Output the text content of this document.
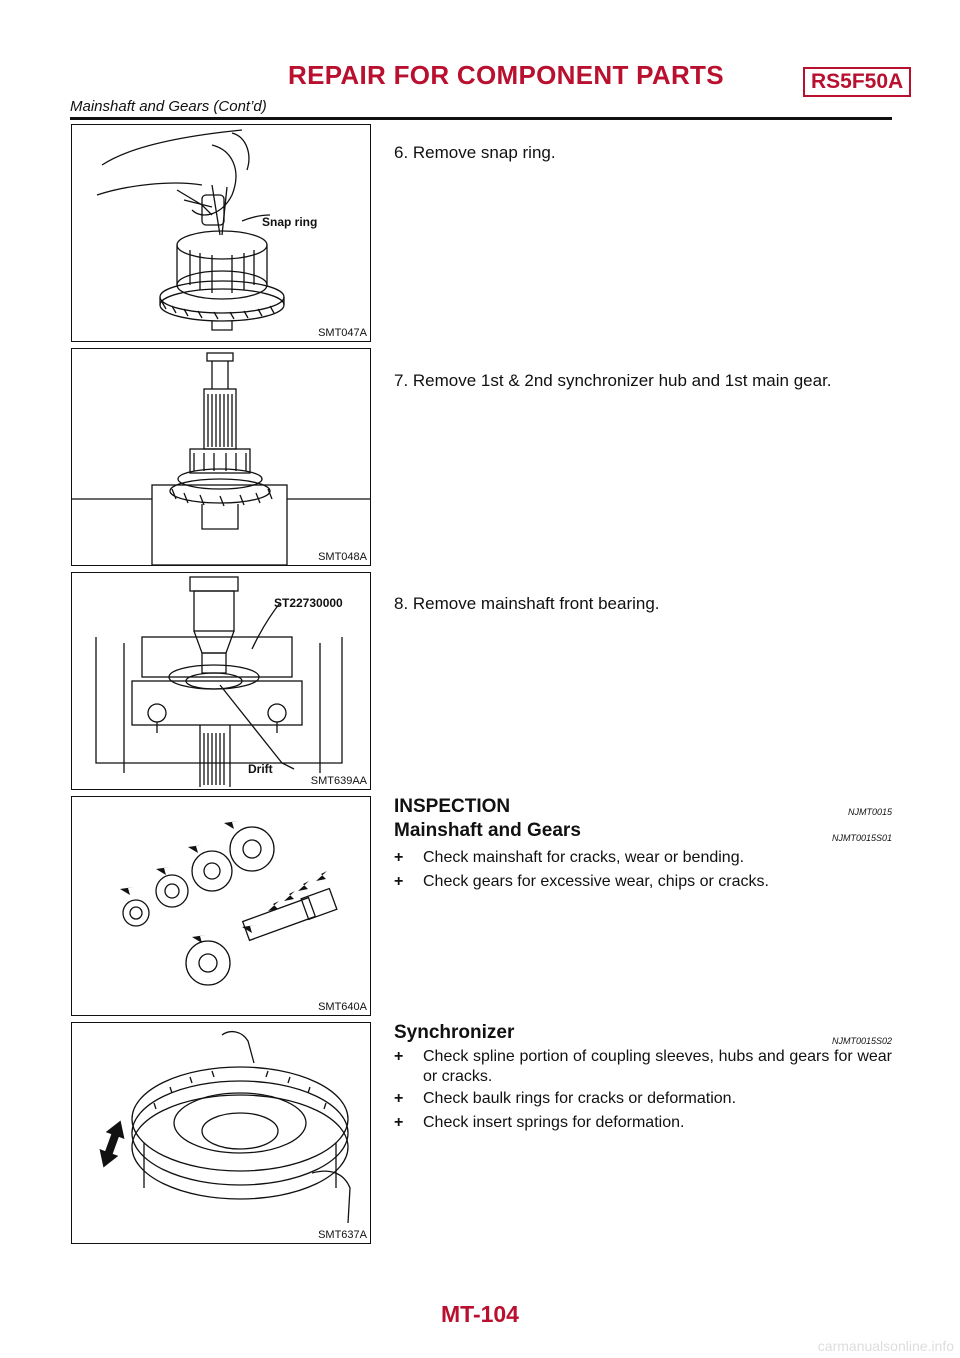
REPAIR FOR COMPONENT PARTS	RS5F50A
Mainshaft and Gears (Cont’d)
Snap ring
SMT047A
SMT048A
ST22730000
Drift
SMT639AA
SMT640A
SMT637A
6. Remove snap ring.
7. Remove 1st & 2nd synchronizer hub and 1st main gear.
8. Remove mainshaft front bearing.
INSPECTION	NJMT0015
Mainshaft and Gears	NJMT0015S01
+	Check mainshaft for cracks, wear or bending.
+	Check gears for excessive wear, chips or cracks.
Synchronizer	NJMT0015S02
+	Check spline portion of coupling sleeves, hubs and gears for wear or cracks.
+	Check baulk rings for cracks or deformation.
+	Check insert springs for deformation.
MT-104
carmanualsonline.info
